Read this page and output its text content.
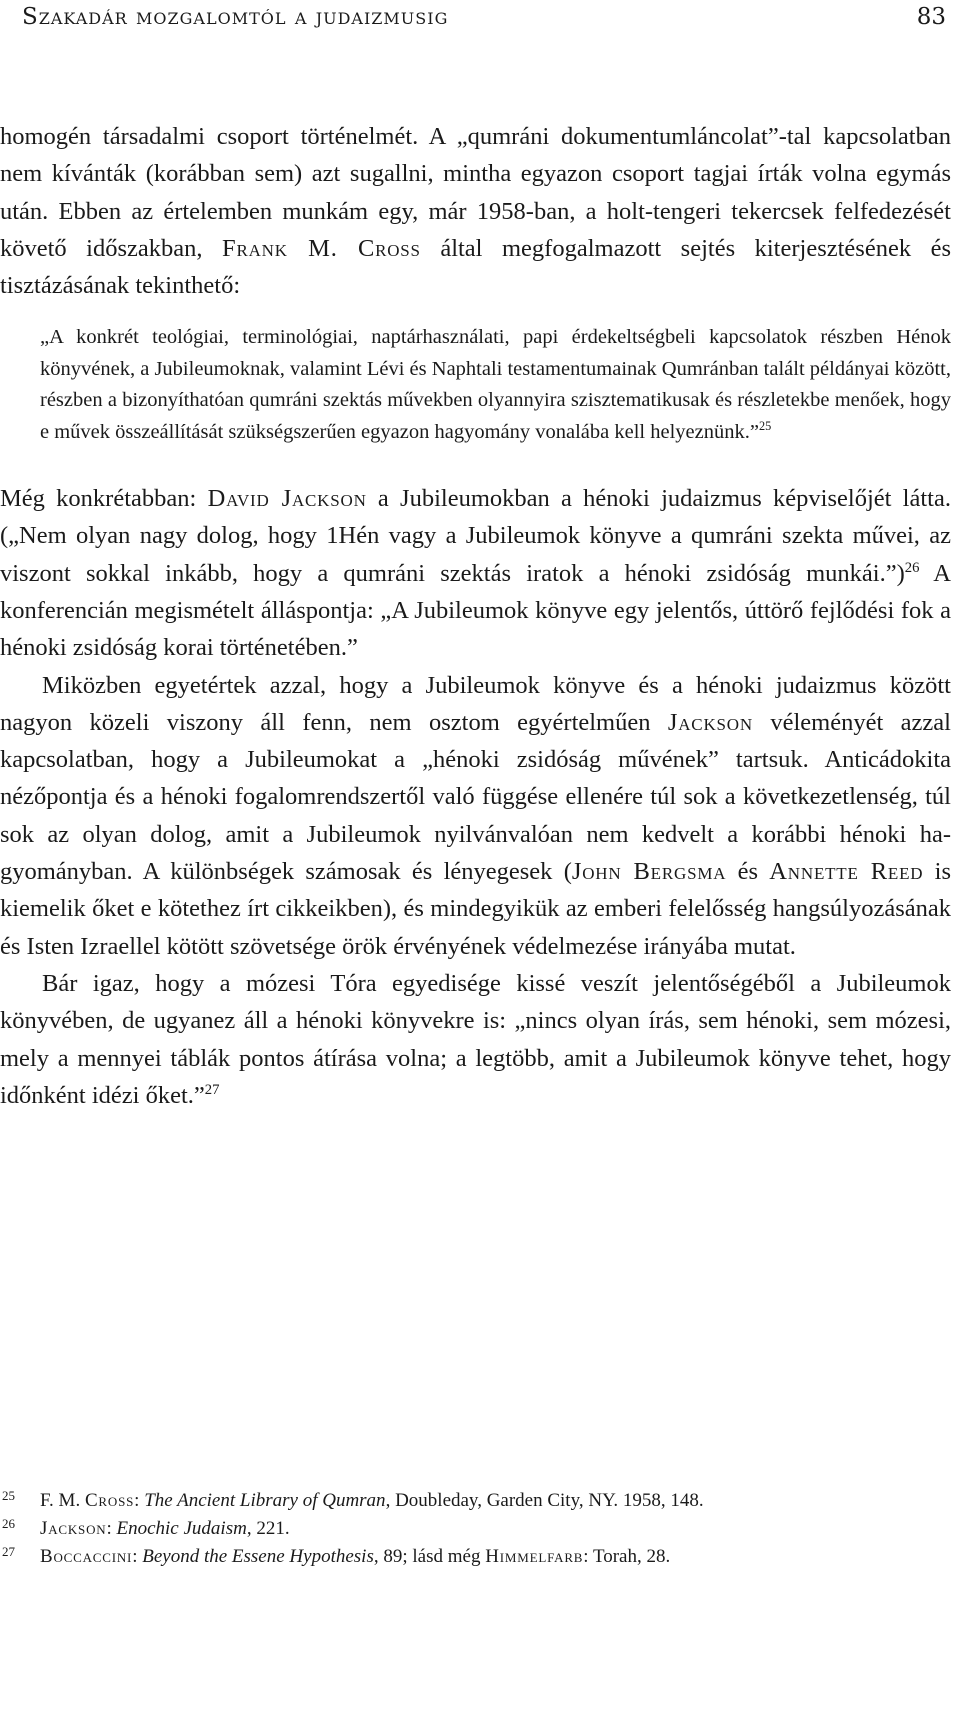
Szakadár mozgalomtól a judaizmusig	83

homogén társadalmi csoport történelmét. A „qumráni dokumentumláncolat”-tal kapcsolatban nem kívánták (korábban sem) azt sugallni, mintha egyazon csoport tagjai írták volna egymás után. Ebben az értelemben munkám egy, már 1958-ban, a holt-tengeri tekercsek felfedezését követő időszakban, Frank M. Cross által megfogalmazott sejtés kiterjesztésének és tisztázásának tekinthető:

„A konkrét teológiai, terminológiai, naptárhasználati, papi érdekeltségbeli kapcsolatok részben Hénok könyvének, a Jubileumoknak, valamint Lévi és Naphtali testamentumainak Qumránban talált példányai között, részben a bizonyíthatóan qumráni szektás művekben olyannyira szisztematikusak és részletekbe menőek, hogy e művek összeállítását szükségszerűen egyazon hagyomány vonalába kell helyeznünk.”$^{25}$

Még konkrétabban: David Jackson a Jubileumokban a hénoki judaizmus képviselőjét látta. („Nem olyan nagy dolog, hogy 1Hén vagy a Jubileumok könyve a qumráni szekta művei, az viszont sokkal inkább, hogy a qumráni szektás iratok a hénoki zsidóság munkái.”)$^{26}$ A konferencián megismételt álláspontja: „A Jubileumok könyve egy jelentős, úttörő fejlődési fok a hénoki zsidóság korai történetében.”

Miközben egyetértek azzal, hogy a Jubileumok könyve és a hénoki judaizmus között nagyon közeli viszony áll fenn, nem osztom egyértelműen Jackson véleményét azzal kapcsolatban, hogy a Jubileumokat a „hénoki zsidóság művének” tartsuk. Anticádokita nézőpontja és a hénoki fogalomrendszertől való függése ellenére túl sok a következetlenség, túl sok az olyan dolog, amit a Jubileumok nyilvánvalóan nem kedvelt a korábbi hénoki hagyományban. A különbségek számosak és lényegesek (John Bergsma és Annette Reed is kiemelik őket e kötethez írt cikkeikben), és mindegyikük az emberi felelősség hangsúlyozásának és Isten Izraellel kötött szövetsége örök érvényének védelmezése irányába mutat.

Bár igaz, hogy a mózesi Tóra egyedisége kissé veszít jelentőségéből a Jubileumok könyvében, de ugyanez áll a hénoki könyvekre is: „nincs olyan írás, sem hénoki, sem mózesi, mely a mennyei táblák pontos átírása volna; a legtöbb, amit a Jubileumok könyve tehet, hogy időnként idézi őket.”$^{27}$

25 F. M. Cross: The Ancient Library of Qumran, Doubleday, Garden City, NY. 1958, 148.
26 Jackson: Enochic Judaism, 221.
27 Boccaccini: Beyond the Essene Hypothesis, 89; lásd még Himmelfarb: Torah, 28.
